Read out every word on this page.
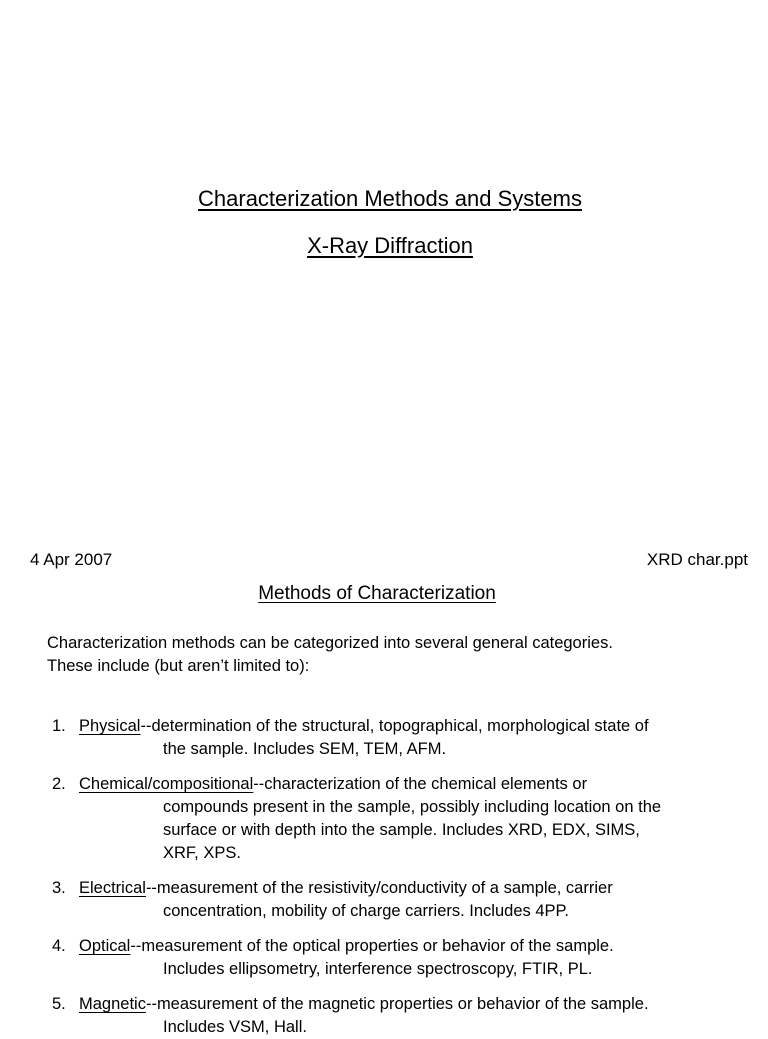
Characterization Methods and Systems
X-Ray Diffraction
4 Apr 2007	XRD char.ppt
Methods of Characterization
Characterization methods can be categorized into several general categories.
These include (but aren’t limited to):
1. Physical--determination of the structural, topographical, morphological state of
the sample. Includes SEM, TEM, AFM.
2. Chemical/compositional--characterization of the chemical elements or
compounds present in the sample, possibly including location on the
surface or with depth into the sample. Includes XRD, EDX, SIMS,
XRF, XPS.
3. Electrical--measurement of the resistivity/conductivity of a sample, carrier
concentration, mobility of charge carriers. Includes 4PP.
4. Optical--measurement of the optical properties or behavior of the sample.
Includes ellipsometry, interference spectroscopy, FTIR, PL.
5. Magnetic--measurement of the magnetic properties or behavior of the sample.
Includes VSM, Hall.
